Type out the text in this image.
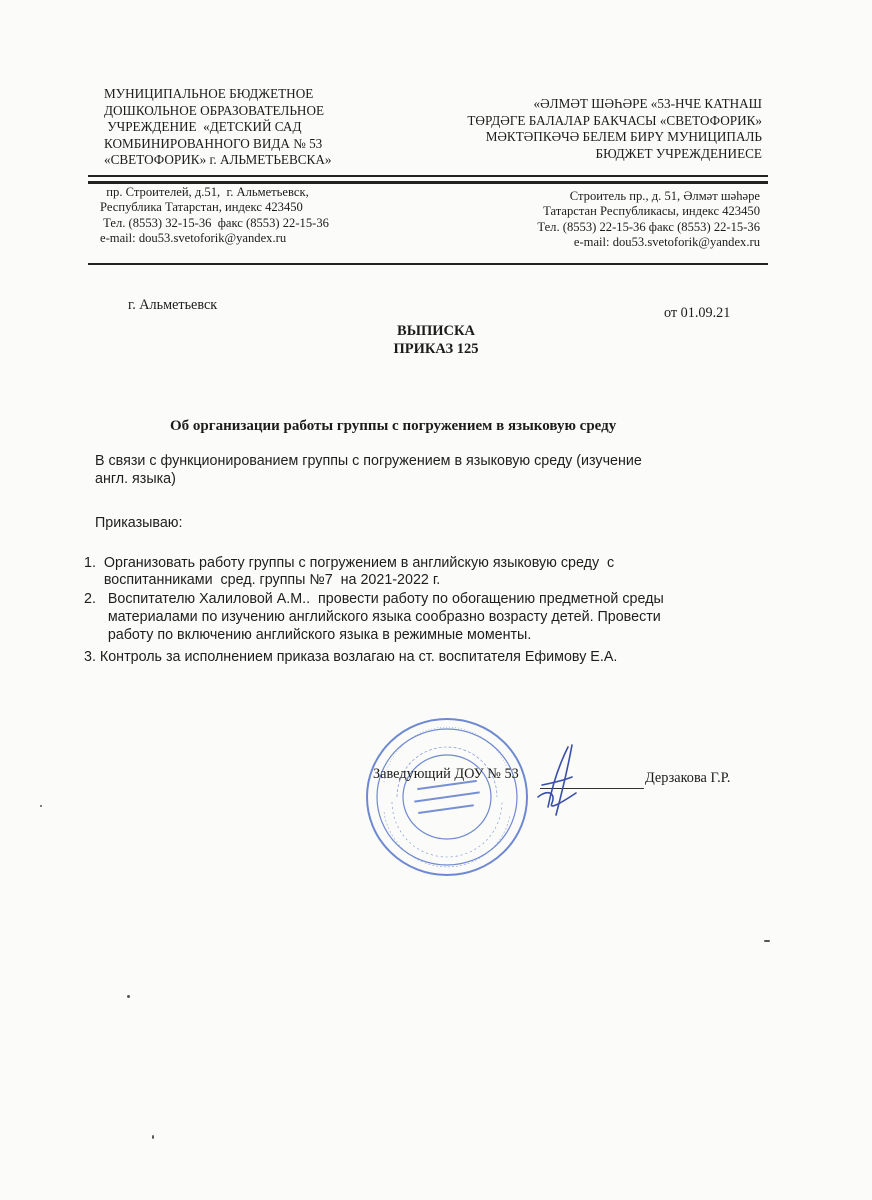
МУНИЦИПАЛЬНОЕ БЮДЖЕТНОЕ
ДОШКОЛЬНОЕ ОБРАЗОВАТЕЛЬНОЕ
УЧРЕЖДЕНИЕ  «ДЕТСКИЙ САД
КОМБИНИРОВАННОГО ВИДА № 53
«СВЕТОФОРИК» г. АЛЬМЕТЬЕВСКА»
«ӘЛМӘТ ШӘҺӘРЕ «53-НЧЕ КАТНАШ
ТӨРДӘГЕ БАЛАЛАР БАКЧАСЫ «СВЕТОФОРИК»
МӘКТӘПКӘЧӘ БЕЛЕМ БИРҮ МУНИЦИПАЛЬ
БЮДЖЕТ УЧРЕЖДЕНИЕСЕ
пр. Строителей, д.51,  г. Альметьевск,
Республика Татарстан, индекс 423450
Тел. (8553) 32-15-36  факс (8553) 22-15-36
e-mail: dou53.svetoforik@yandex.ru
Строитель пр., д. 51, Әлмәт шәһәре
Татарстан Республикасы, индекс 423450
Тел. (8553) 22-15-36 факс (8553) 22-15-36
e-mail: dou53.svetoforik@yandex.ru
г. Альметьевск	от 01.09.21
ВЫПИСКА
ПРИКАЗ 125
Об организации работы группы с погружением в языковую среду
В связи с функционированием группы с погружением в языковую среду (изучение
англ. языка)
Приказываю:
1.  Организовать работу группы с погружением в английскую языковую среду  с
воспитанниками  сред. группы №7  на 2021-2022 г.
2.   Воспитателю Халиловой А.М..  провести работу по обогащению предметной среды
материалами по изучению английского языка сообразно возрасту детей. Провести
работу по включению английского языка в режимные моменты.
3. Контроль за исполнением приказа возлагаю на ст. воспитателя Ефимову Е.А.
Заведующий ДОУ № 53	Дерзакова Г.Р.
